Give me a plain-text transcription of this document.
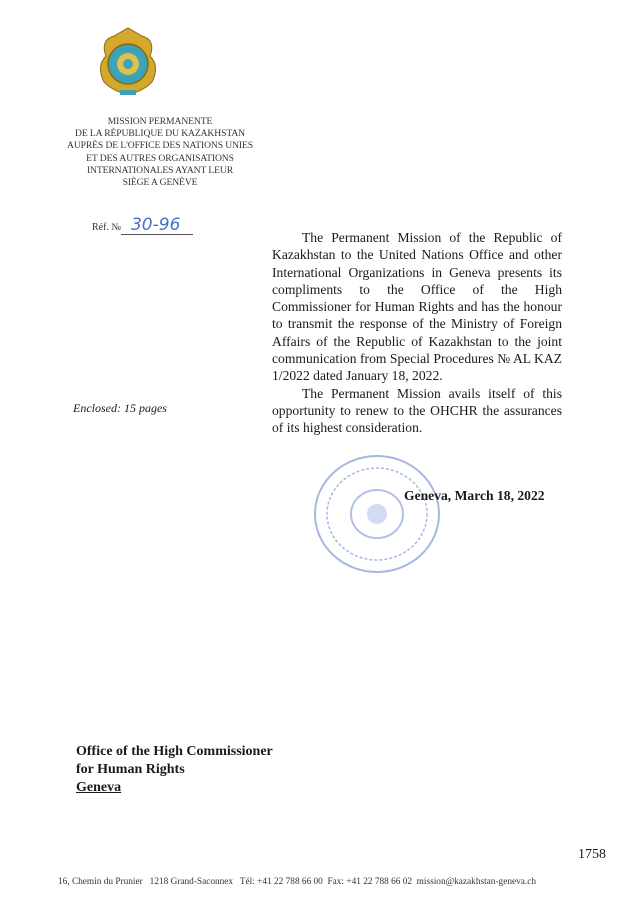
MISSION PERMANENTE
DE LA RÉPUBLIQUE DU KAZAKHSTAN
AUPRÈS DE L'OFFICE DES NATIONS UNIES
ET DES AUTRES ORGANISATIONS
INTERNATIONALES AYANT LEUR
SIÈGE A GENÈVE
Réf. № 30-96
Enclosed: 15 pages

The Permanent Mission of the Republic of Kazakhstan to the United Nations Office and other International Organizations in Geneva presents its compliments to the Office of the High Commissioner for Human Rights and has the honour to transmit the response of the Ministry of Foreign Affairs of the Republic of Kazakhstan to the joint communication from Special Procedures № AL KAZ 1/2022 dated January 18, 2022.

The Permanent Mission avails itself of this opportunity to renew to the OHCHR the assurances of its highest consideration.

Geneva, March 18, 2022
Office of the High Commissioner
for Human Rights
Geneva
1758
16, Chemin du Prunier   1218 Grand-Saconnex   Tél: +41 22 788 66 00  Fax: +41 22 788 66 02  mission@kazakhstan-geneva.ch
